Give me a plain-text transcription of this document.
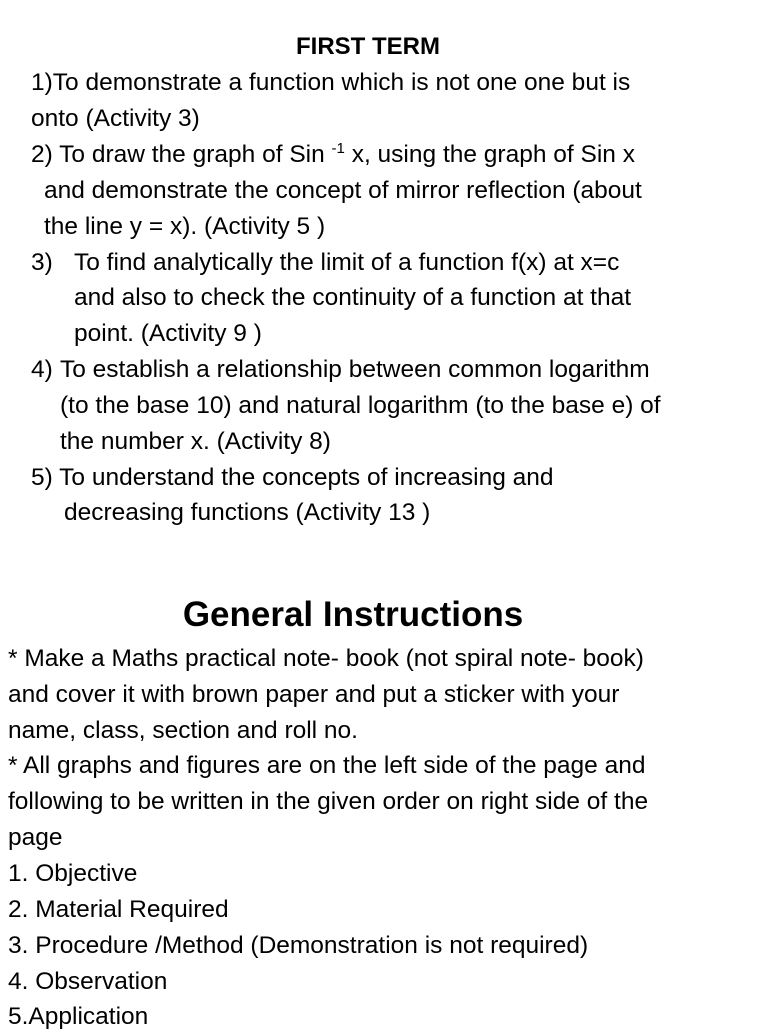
FIRST TERM
1)To demonstrate a function which is not one one but is
onto (Activity 3)
2) To draw the graph of Sin $^{-1}$ x, using the graph of Sin x
and demonstrate the concept of mirror reflection (about
the line y = x). (Activity 5 )
3) To find analytically the limit of a function f(x) at x=c
and also to check the continuity of a function at that
point. (Activity 9 )
4) To establish a relationship between common logarithm
(to the base 10) and natural logarithm (to the base e) of
the number x. (Activity 8)
5) To understand the concepts of increasing and
decreasing functions (Activity 13 )
General Instructions
* Make a Maths practical note- book (not spiral note- book)
and cover it with brown paper and put a sticker with your
name, class, section and roll no.
* All graphs and figures are on the left side of the page and
following to be written in the given order on right side of the
page
1. Objective
2. Material Required
3. Procedure /Method (Demonstration is not required)
4. Observation
5.Application
